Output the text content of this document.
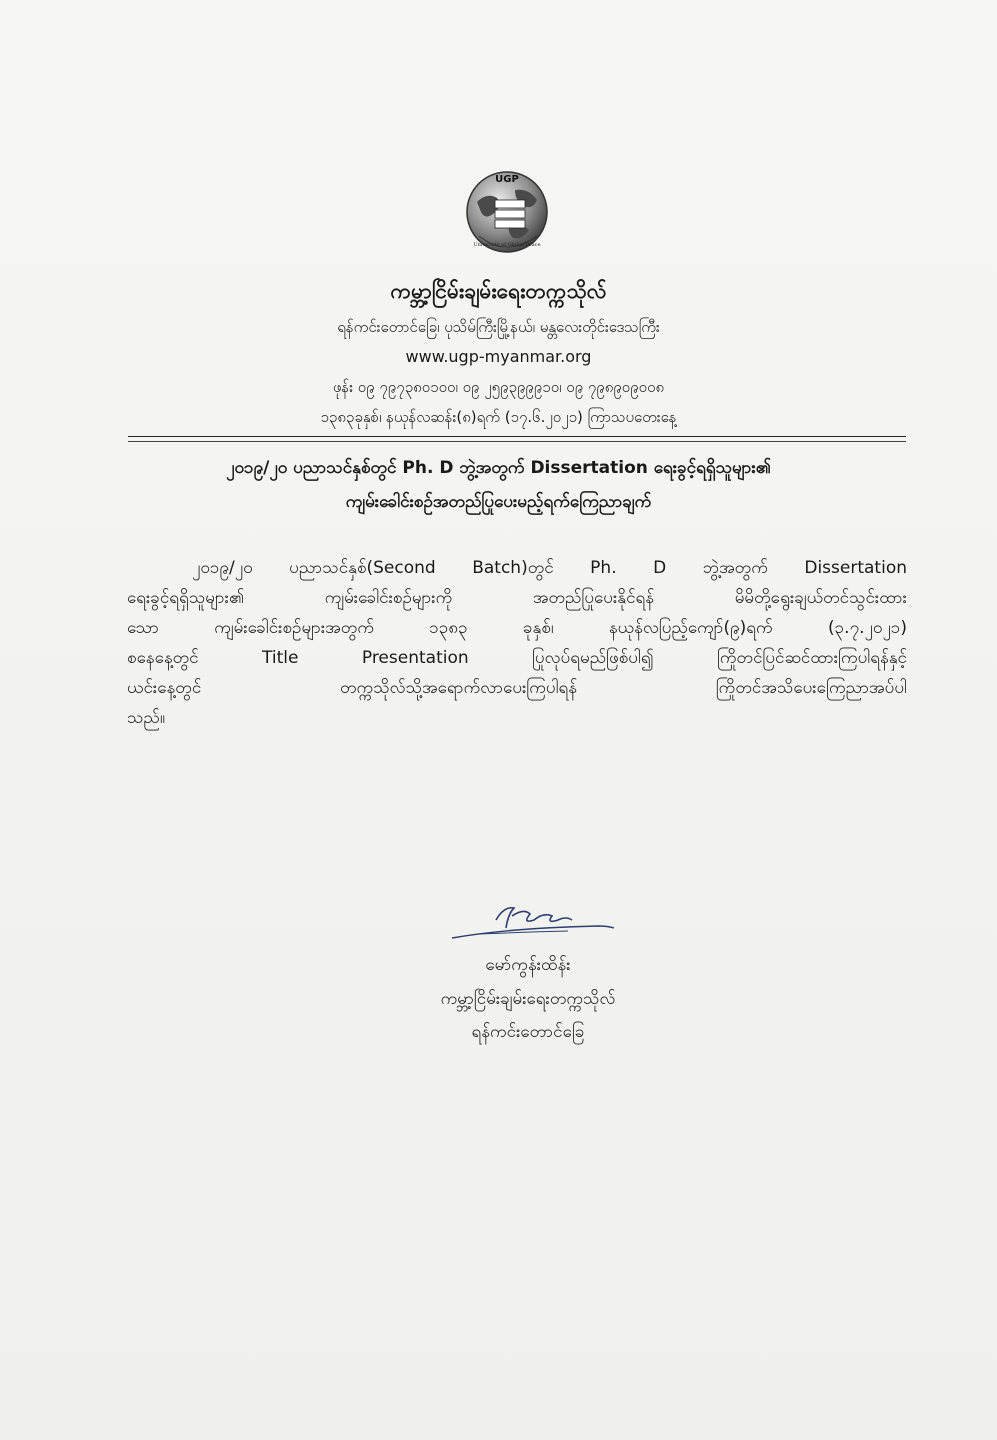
UGP
University of Global Peace
ကမ္ဘာ့ငြိမ်းချမ်းရေးတက္ကသိုလ်
ရန်ကင်းတောင်ခြေ၊ ပုသိမ်ကြီးမြို့နယ်၊ မန္တလေးတိုင်းဒေသကြီး
www.ugp-myanmar.org
ဖုန်း ၀၉ ၇၉၇၃၈၀၁၀၀၊ ၀၉ ၂၅၉၃၉၉၉၁၀၊ ၀၉ ၇၉၈၉၀၉၀၀၈
၁၃၈၃ခုနှစ်၊ နယုန်လဆန်း(၈)ရက် (၁၇.၆.၂၀၂၁) ကြာသပတေးနေ့
၂၀၁၉/၂၀ ပညာသင်နှစ်တွင် Ph. D ဘွဲ့အတွက် Dissertation ရေးခွင့်ရရှိသူများ၏
ကျမ်းခေါင်းစဉ်အတည်ပြုပေးမည့်ရက်ကြေညာချက်
၂၀၁၉/၂၀ ပညာသင်နှစ်(Second Batch)တွင် Ph. D ဘွဲ့အတွက် Dissertation
ရေးခွင့်ရရှိသူများ၏ ကျမ်းခေါင်းစဉ်များကို အတည်ပြုပေးနိုင်ရန် မိမိတို့ရွေးချယ်တင်သွင်းထား
သော ကျမ်းခေါင်းစဉ်များအတွက် ၁၃၈၃ ခုနှစ်၊ နယုန်လပြည့်ကျော်(၉)ရက် (၃.၇.၂၀၂၁)
စနေနေ့တွင် Title Presentation ပြုလုပ်ရမည်ဖြစ်ပါ၍ ကြိုတင်ပြင်ဆင်ထားကြပါရန်နှင့်
ယင်းနေ့တွင် တက္ကသိုလ်သို့အရောက်လာပေးကြပါရန် ကြိုတင်အသိပေးကြေညာအပ်ပါ
သည်။
မော်ကွန်းထိန်း
ကမ္ဘာ့ငြိမ်းချမ်းရေးတက္ကသိုလ်
ရန်ကင်းတောင်ခြေ
